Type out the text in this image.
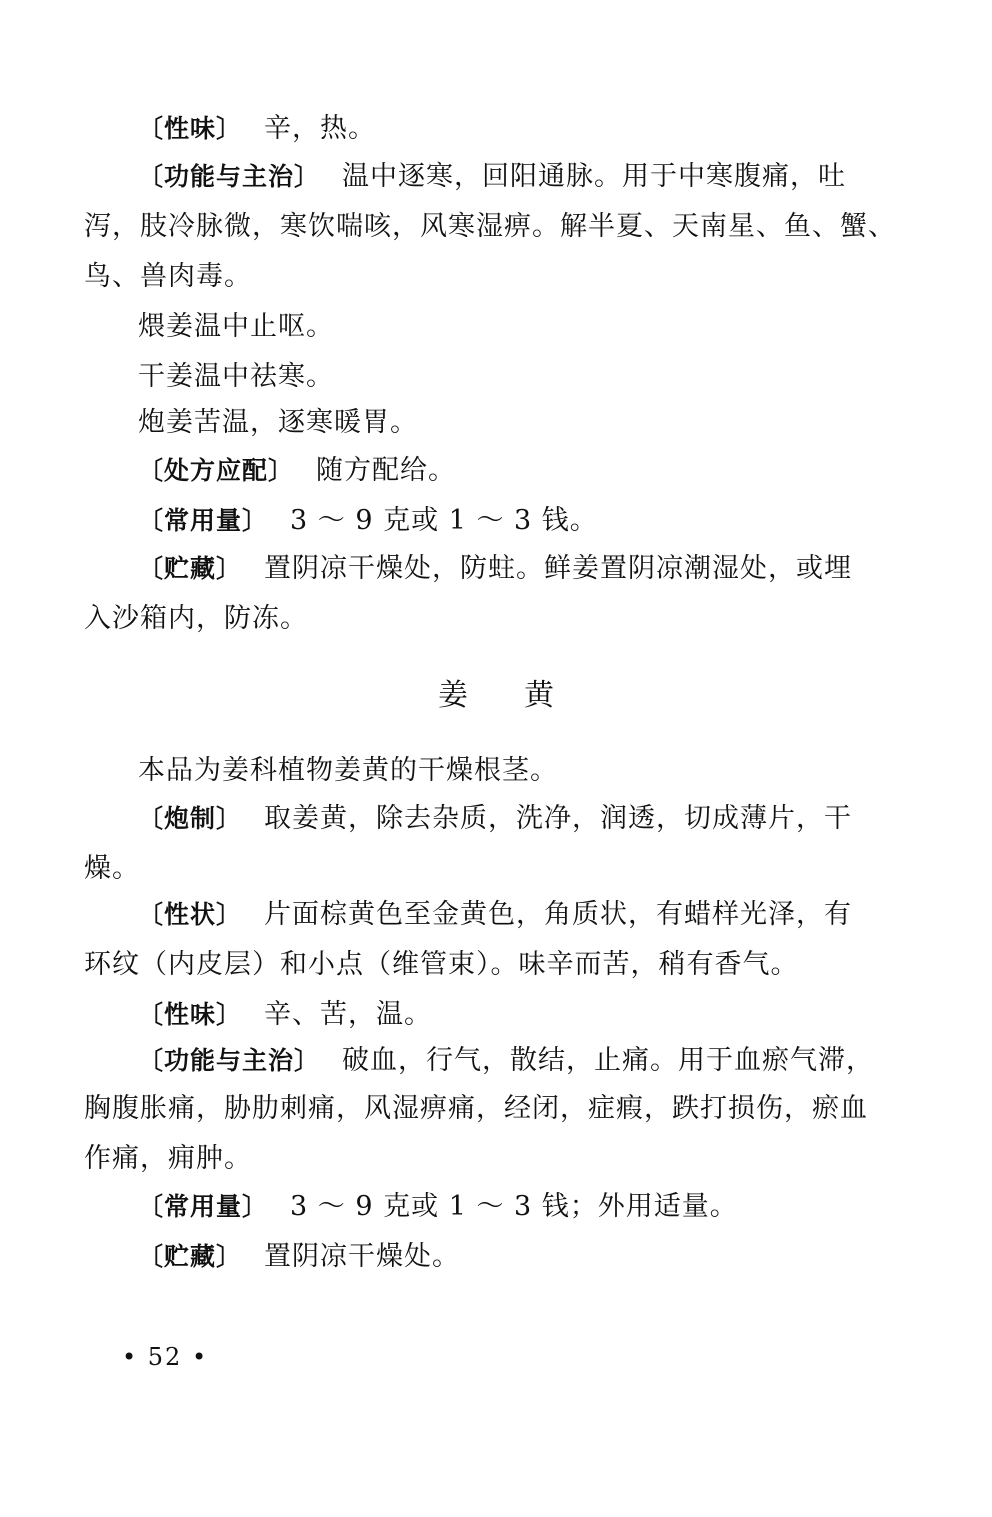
〔性味〕 辛，热。
〔功能与主治〕 温中逐寒，回阳通脉。用于中寒腹痛，吐
泻，肢冷脉微，寒饮喘咳，风寒湿痹。解半夏、天南星、鱼、蟹、
鸟、兽肉毒。
煨姜温中止呕。
干姜温中祛寒。
炮姜苦温，逐寒暖胃。
〔处方应配〕 随方配给。
〔常用量〕 3 ～ 9 克或 1 ～ 3 钱。
〔贮藏〕 置阴凉干燥处，防蛀。鲜姜置阴凉潮湿处，或埋
入沙箱内，防冻。
姜黄
本品为姜科植物姜黄的干燥根茎。
〔炮制〕 取姜黄，除去杂质，洗净，润透，切成薄片，干
燥。
〔性状〕 片面棕黄色至金黄色，角质状，有蜡样光泽，有
环纹（内皮层）和小点（维管束）。味辛而苦，稍有香气。
〔性味〕 辛、苦，温。
〔功能与主治〕 破血，行气，散结，止痛。用于血瘀气滞，
胸腹胀痛，胁肋刺痛，风湿痹痛，经闭，症瘕，跌打损伤，瘀血
作痛，痈肿。
〔常用量〕 3 ～ 9 克或 1 ～ 3 钱；外用适量。
〔贮藏〕 置阴凉干燥处。
• 52 •
